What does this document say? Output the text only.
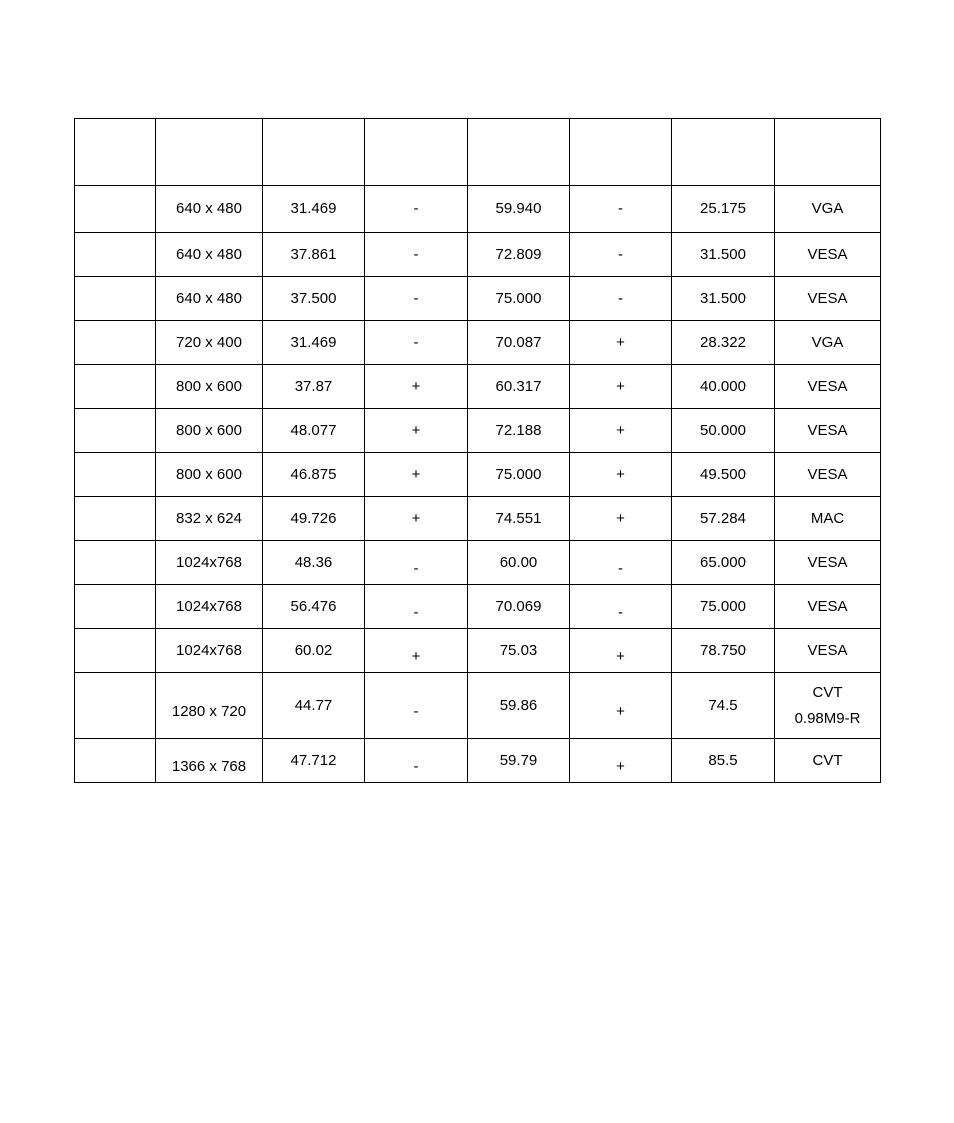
	640 x 480	31.469	-	59.940	-	25.175	VGA
	640 x 480	37.861	-	72.809	-	31.500	VESA
	640 x 480	37.500	-	75.000	-	31.500	VESA
	720 x 400	31.469	-	70.087	+	28.322	VGA
	800 x 600	37.87	+	60.317	+	40.000	VESA
	800 x 600	48.077	+	72.188	+	50.000	VESA
	800 x 600	46.875	+	75.000	+	49.500	VESA
	832 x 624	49.726	+	74.551	+	57.284	MAC
	1024x768	48.36	-	60.00	-	65.000	VESA
	1024x768	56.476	-	70.069	-	75.000	VESA
	1024x768	60.02	+	75.03	+	78.750	VESA
	1280 x 720	44.77	-	59.86	+	74.5	CVT
0.98M9-R

	1366 x 768	47.712	-	59.79	+	85.5	CVT
